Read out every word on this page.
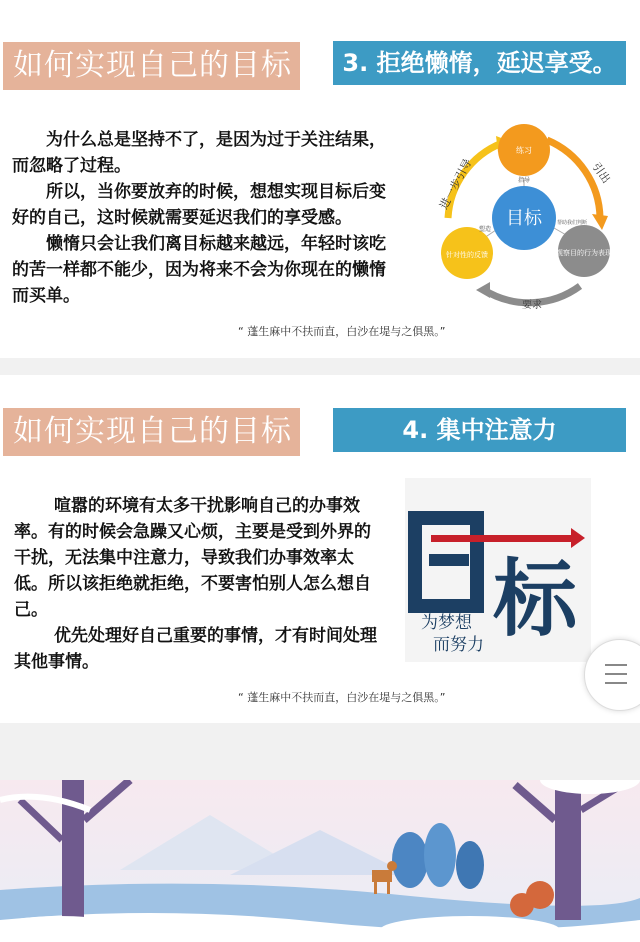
如何实现自己的目标	3. 拒绝懒惰，延迟享受。

为什么总是坚持不了，是因为过于关注结果，而忽略了过程。

所以，当你要放弃的时候，想想实现目标后变好的自己，这时候就需要延迟我们的享受感。

懒惰只会让我们离目标越来越远，年轻时该吃的苦一样都不能少，因为将来不会为你现在的懒惰而买单。

“ 蓬生麻中不扶而直，白沙在堤与之俱黑。”
练习
目标
观察目的行为表现
针对性的反馈
指导
塑造
帮助我们判断
进一步引导	引出
要求
如何实现自己的目标	4. 集中注意力

喧嚣的环境有太多干扰影响自己的办事效率。有的时候会急躁又心烦，主要是受到外界的干扰，无法集中注意力，导致我们办事效率太低。所以该拒绝就拒绝，不要害怕别人怎么想自己。

优先处理好自己重要的事情，才有时间处理其他事情。

“ 蓬生麻中不扶而直，白沙在堤与之俱黑。”
标
为梦想
而努力
